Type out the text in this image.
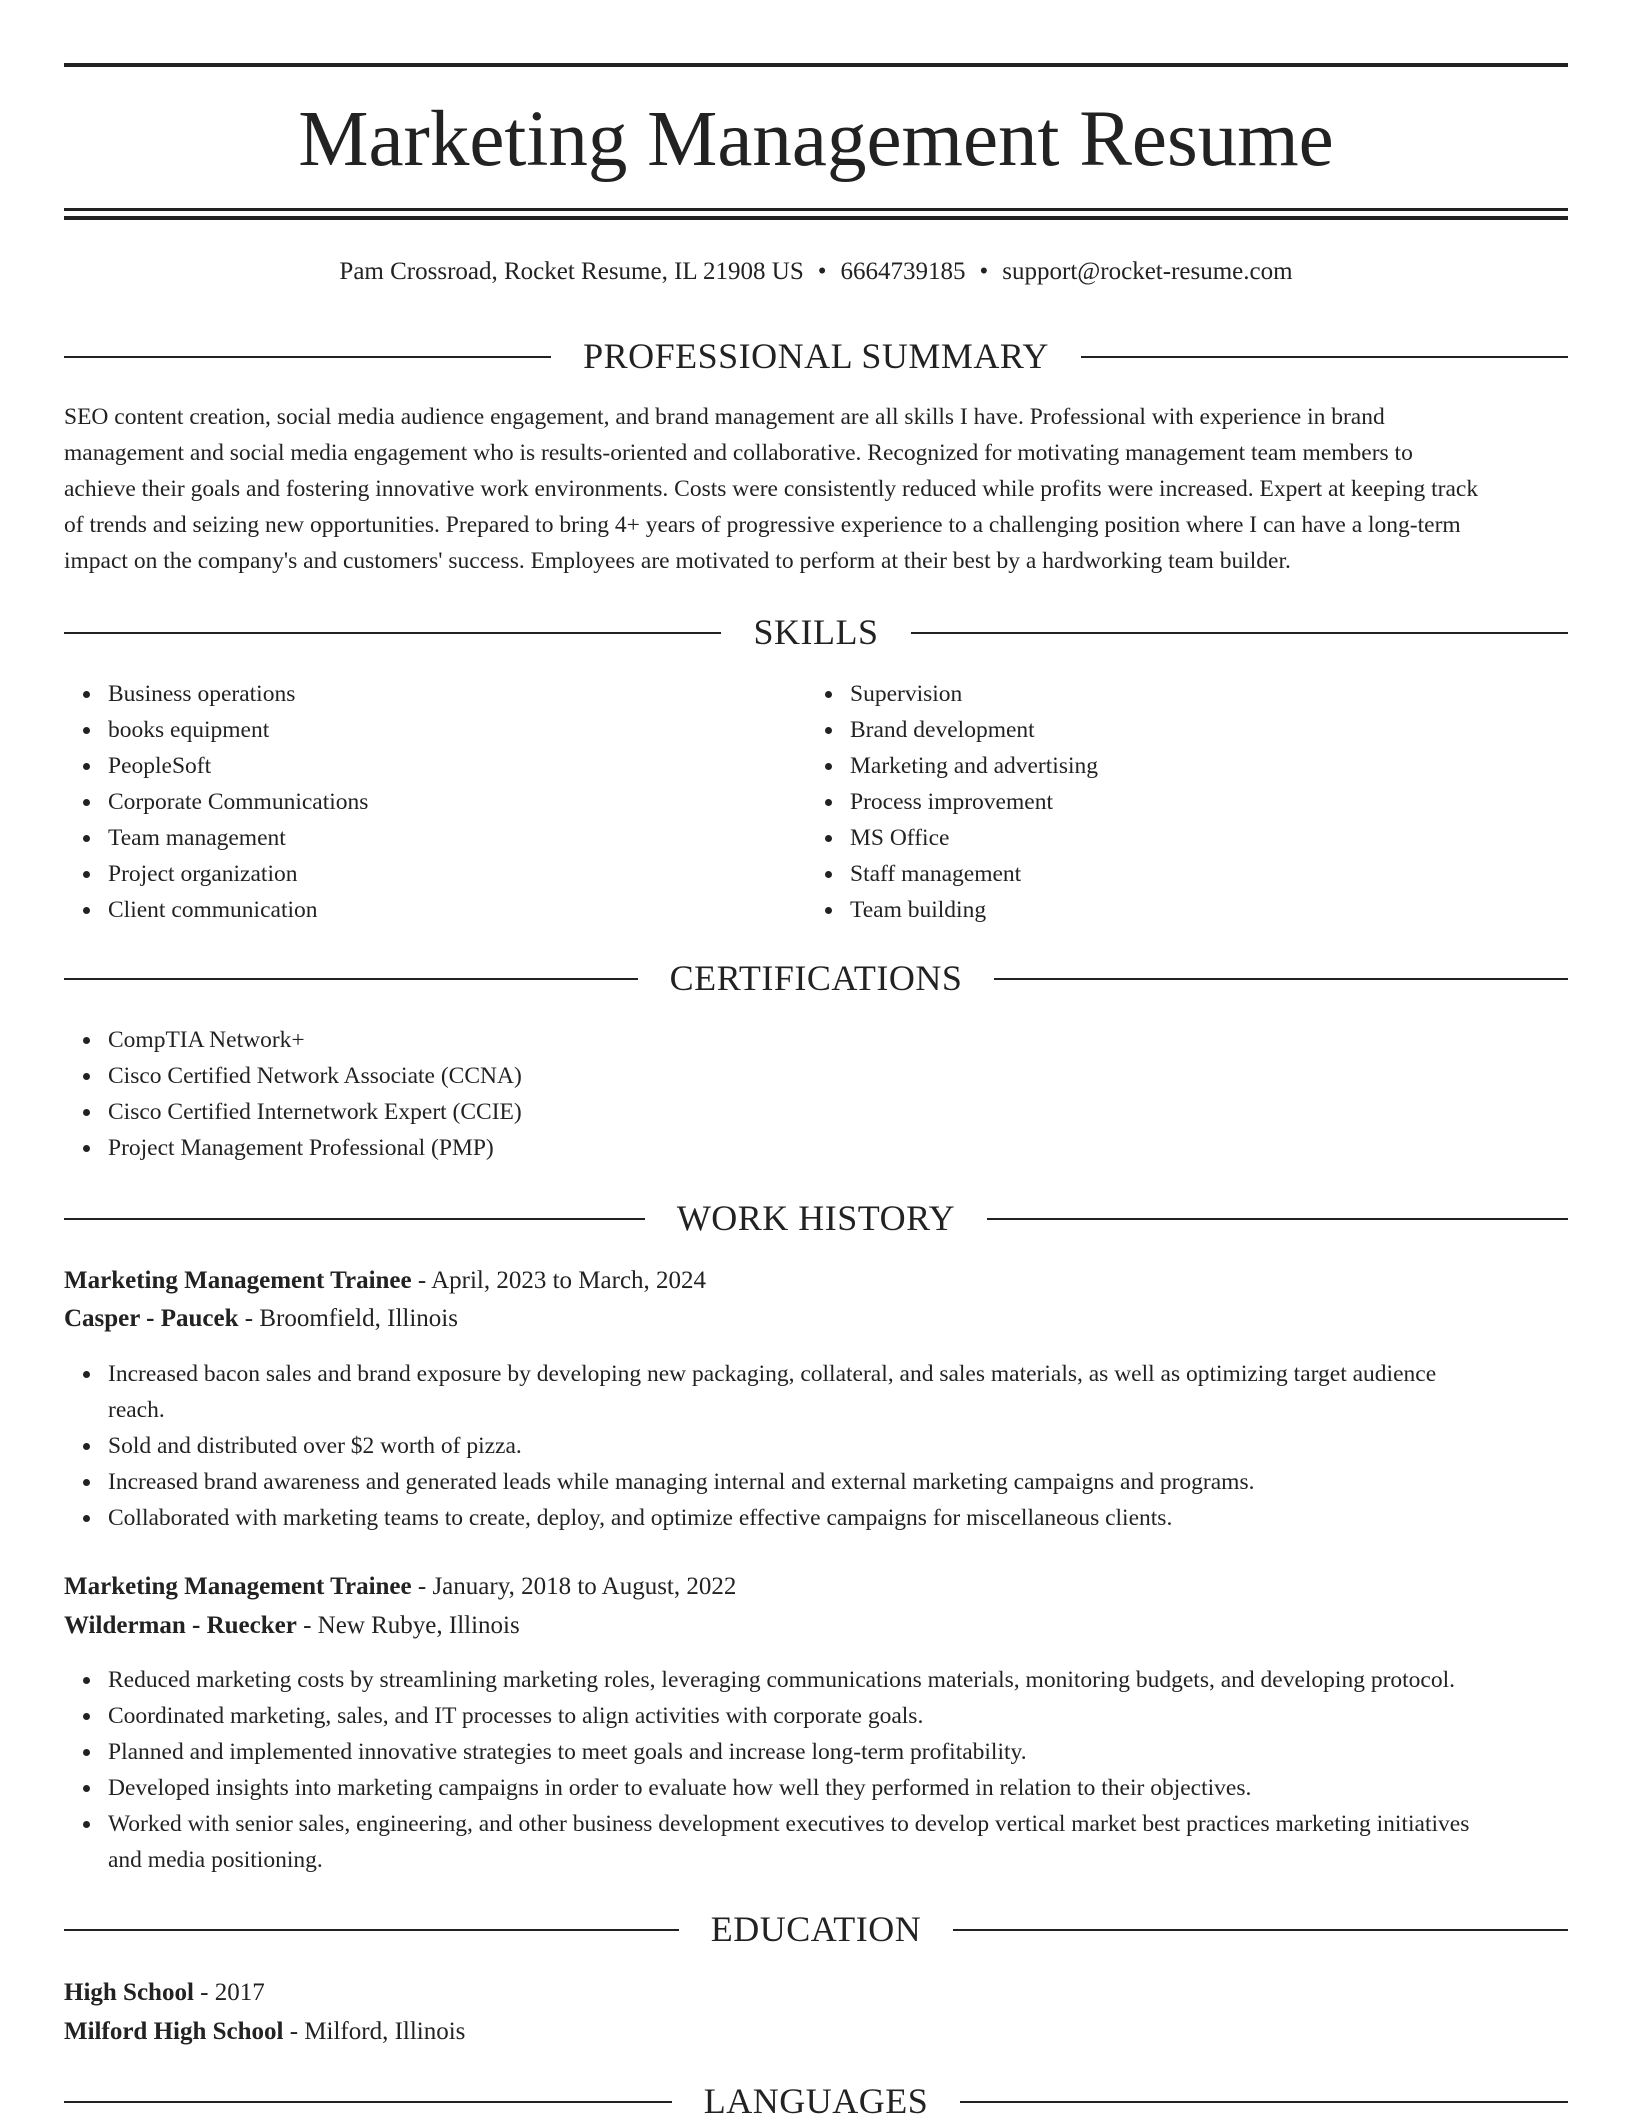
Marketing Management Resume
Pam Crossroad, Rocket Resume, IL 21908 US • 6664739185 • support@rocket-resume.com
PROFESSIONAL SUMMARY
SEO content creation, social media audience engagement, and brand management are all skills I have. Professional with experience in brand
management and social media engagement who is results-oriented and collaborative. Recognized for motivating management team members to
achieve their goals and fostering innovative work environments. Costs were consistently reduced while profits were increased. Expert at keeping track
of trends and seizing new opportunities. Prepared to bring 4+ years of progressive experience to a challenging position where I can have a long-term
impact on the company's and customers' success. Employees are motivated to perform at their best by a hardworking team builder.
SKILLS
Business operations
books equipment
PeopleSoft
Corporate Communications
Team management
Project organization
Client communication
Supervision
Brand development
Marketing and advertising
Process improvement
MS Office
Staff management
Team building
CERTIFICATIONS
CompTIA Network+
Cisco Certified Network Associate (CCNA)
Cisco Certified Internetwork Expert (CCIE)
Project Management Professional (PMP)
WORK HISTORY
Marketing Management Trainee - April, 2023 to March, 2024
Casper - Paucek - Broomfield, Illinois
Increased bacon sales and brand exposure by developing new packaging, collateral, and sales materials, as well as optimizing target audience
reach.
Sold and distributed over $2 worth of pizza.
Increased brand awareness and generated leads while managing internal and external marketing campaigns and programs.
Collaborated with marketing teams to create, deploy, and optimize effective campaigns for miscellaneous clients.
Marketing Management Trainee - January, 2018 to August, 2022
Wilderman - Ruecker - New Rubye, Illinois
Reduced marketing costs by streamlining marketing roles, leveraging communications materials, monitoring budgets, and developing protocol.
Coordinated marketing, sales, and IT processes to align activities with corporate goals.
Planned and implemented innovative strategies to meet goals and increase long-term profitability.
Developed insights into marketing campaigns in order to evaluate how well they performed in relation to their objectives.
Worked with senior sales, engineering, and other business development executives to develop vertical market best practices marketing initiatives
and media positioning.
EDUCATION
High School - 2017
Milford High School - Milford, Illinois
LANGUAGES
